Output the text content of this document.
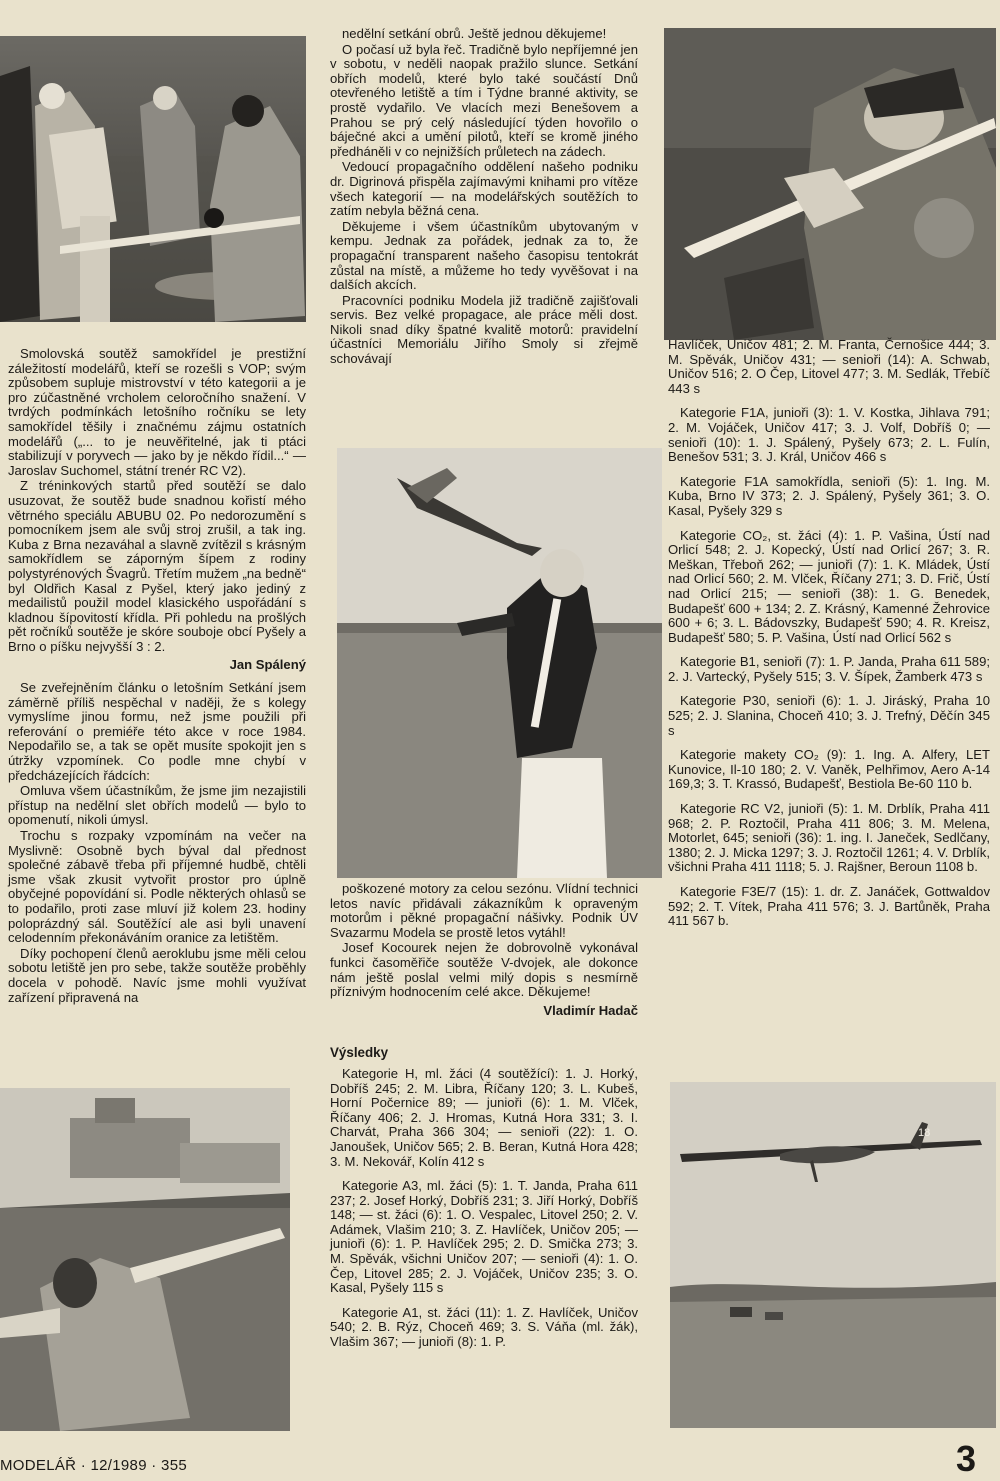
18

Smolovská soutěž samokřídel je prestižní záležitostí modelářů, kteří se rozešli s VOP; svým způsobem supluje mistrovství v této kategorii a je pro zúčastněné vrcholem celoročního snažení. V tvrdých podmínkách letošního ročníku se lety samokřídel těšily i značnému zájmu ostatních modelářů („... to je neuvěřitelné, jak ti ptáci stabilizují v poryvech — jako by je někdo řídil...“ — Jaroslav Suchomel, státní trenér RC V2).

Z tréninkových startů před soutěží se dalo usuzovat, že soutěž bude snadnou kořistí mého větrného speciálu ABUBU 02. Po nedorozumění s pomocníkem jsem ale svůj stroj zrušil, a tak ing. Kuba z Brna nezaváhal a slavně zvítězil s krásným samokřídlem se záporným šípem z rodiny polystyrénových Švagrů. Třetím mužem „na bedně“ byl Oldřich Kasal z Pyšel, který jako jediný z medailistů použil model klasického uspořádání s kladnou šípovitostí křídla. Při pohledu na prošlých pět ročníků soutěže je skóre souboje obcí Pyšely a Brno o píšku nejvyšší 3 : 2.

Jan Spálený

Se zveřejněním článku o letošním Setkání jsem záměrně příliš nespěchal v naději, že s kolegy vymyslíme jinou formu, než jsme použili při referování o premiéře této akce v roce 1984. Nepodařilo se, a tak se opět musíte spokojit jen s útržky vzpomínek. Co podle mne chybí v předcházejících řádcích:

Omluva všem účastníkům, že jsme jim nezajistili přístup na nedělní slet obřích modelů — bylo to opomenutí, nikoli úmysl.

Trochu s rozpaky vzpomínám na večer na Myslivně: Osobně bych býval dal přednost společné zábavě třeba při příjemné hudbě, chtěli jsme však zkusit vytvořit prostor pro úplně obyčejné popovídání si. Podle některých ohlasů se to podařilo, proti zase mluví již kolem 23. hodiny poloprázdný sál. Soutěžící ale asi byli unavení celodenním překonáváním oranice za letištěm.

Díky pochopení členů aeroklubu jsme měli celou sobotu letiště jen pro sebe, takže soutěže proběhly docela v pohodě. Navíc jsme mohli využívat zařízení připravená na

nedělní setkání obrů. Ještě jednou děkujeme!

O počasí už byla řeč. Tradičně bylo nepříjemné jen v sobotu, v neděli naopak pražilo slunce. Setkání obřích modelů, které bylo také součástí Dnů otevřeného letiště a tím i Týdne branné aktivity, se prostě vydařilo. Ve vlacích mezi Benešovem a Prahou se prý celý následující týden hovořilo o báječné akci a umění pilotů, kteří se kromě jiného předháněli v co nejnižších průletech na zádech.

Vedoucí propagačního oddělení našeho podniku dr. Digrinová přispěla zajímavými knihami pro vítěze všech kategorií — na modelářských soutěžích to zatím nebyla běžná cena.

Děkujeme i všem účastníkům ubytovaným v kempu. Jednak za pořádek, jednak za to, že propagační transparent našeho časopisu tentokrát zůstal na místě, a můžeme ho tedy vyvěšovat i na dalších akcích.

Pracovníci podniku Modela již tradičně zajišťovali servis. Bez velké propagace, ale práce měli dost. Nikoli snad díky špatné kvalitě motorů: pravidelní účastníci Memoriálu Jiřího Smoly si zřejmě schovávají

poškozené motory za celou sezónu. Vlídní technici letos navíc přidávali zákazníkům k opraveným motorům i pěkné propagační nášivky. Podnik ÚV Svazarmu Modela se prostě letos vytáhl!

Josef Kocourek nejen že dobrovolně vykonával funkci časoměřiče soutěže V-dvojek, ale dokonce nám ještě poslal velmi milý dopis s nesmírně příznivým hodnocením celé akce. Děkujeme!

Vladimír Hadač

Výsledky

Kategorie H, ml. žáci (4 soutěžící): 1. J. Horký, Dobříš 245; 2. M. Libra, Říčany 120; 3. L. Kubeš, Horní Počernice 89; — junioři (6): 1. M. Vlček, Říčany 406; 2. J. Hromas, Kutná Hora 331; 3. I. Charvát, Praha 366 304; — senioři (22): 1. O. Janoušek, Uničov 565; 2. B. Beran, Kutná Hora 428; 3. M. Nekovář, Kolín 412 s

Kategorie A3, ml. žáci (5): 1. T. Janda, Praha 611 237; 2. Josef Horký, Dobříš 231; 3. Jiří Horký, Dobříš 148; — st. žáci (6): 1. O. Vespalec, Litovel 250; 2. V. Adámek, Vlašim 210; 3. Z. Havlíček, Uničov 205; — junioři (6): 1. P. Havlíček 295; 2. D. Smička 273; 3. M. Spěvák, všichni Uničov 207; — senioři (4): 1. O. Čep, Litovel 285; 2. J. Vojáček, Uničov 235; 3. O. Kasal, Pyšely 115 s

Kategorie A1, st. žáci (11): 1. Z. Havlíček, Uničov 540; 2. B. Rýz, Choceň 469; 3. S. Váňa (ml. žák), Vlašim 367; — junioři (8): 1. P.

Havlíček, Uničov 481; 2. M. Franta, Černošice 444; 3. M. Spěvák, Uničov 431; — senioři (14): A. Schwab, Uničov 516; 2. O Čep, Litovel 477; 3. M. Sedlák, Třebíč 443 s

Kategorie F1A, junioři (3): 1. V. Kostka, Jihlava 791; 2. M. Vojáček, Uničov 417; 3. J. Volf, Dobříš 0; — senioři (10): 1. J. Spálený, Pyšely 673; 2. L. Fulín, Benešov 531; 3. J. Král, Uničov 466 s

Kategorie F1A samokřídla, senioři (5): 1. Ing. M. Kuba, Brno IV 373; 2. J. Spálený, Pyšely 361; 3. O. Kasal, Pyšely 329 s

Kategorie CO₂, st. žáci (4): 1. P. Vašina, Ústí nad Orlicí 548; 2. J. Kopecký, Ústí nad Orlicí 267; 3. R. Meškan, Třeboň 262; — junioři (7): 1. K. Mládek, Ústí nad Orlicí 560; 2. M. Vlček, Říčany 271; 3. D. Frič, Ústí nad Orlicí 215; — senioři (38): 1. G. Benedek, Budapešť 600 + 134; 2. Z. Krásný, Kamenné Žehrovice 600 + 6; 3. L. Bádovszky, Budapešť 590; 4. R. Kreisz, Budapešť 580; 5. P. Vašina, Ústí nad Orlicí 562 s

Kategorie B1, senioři (7): 1. P. Janda, Praha 611 589; 2. J. Vartecký, Pyšely 515; 3. V. Šípek, Žamberk 473 s

Kategorie P30, senioři (6): 1. J. Jiráský, Praha 10 525; 2. J. Slanina, Choceň 410; 3. J. Trefný, Děčín 345 s

Kategorie makety CO₂ (9): 1. Ing. A. Alfery, LET Kunovice, Il-10 180; 2. V. Vaněk, Pelhřimov, Aero A-14 169,3; 3. T. Krassó, Budapešť, Bestiola Be-60 110 b.

Kategorie RC V2, junioři (5): 1. M. Drblík, Praha 411 968; 2. P. Roztočil, Praha 411 806; 3. M. Melena, Motorlet, 645; senioři (36): 1. ing. I. Janeček, Sedlčany, 1380; 2. J. Micka 1297; 3. J. Roztočil 1261; 4. V. Drblík, všichni Praha 411 1118; 5. J. Rajšner, Beroun 1108 b.

Kategorie F3E/7 (15): 1. dr. Z. Janáček, Gottwaldov 592; 2. T. Vítek, Praha 411 576; 3. J. Bartůněk, Praha 411 567 b.

MODELÁŘ · 12/1989 · 355	3
